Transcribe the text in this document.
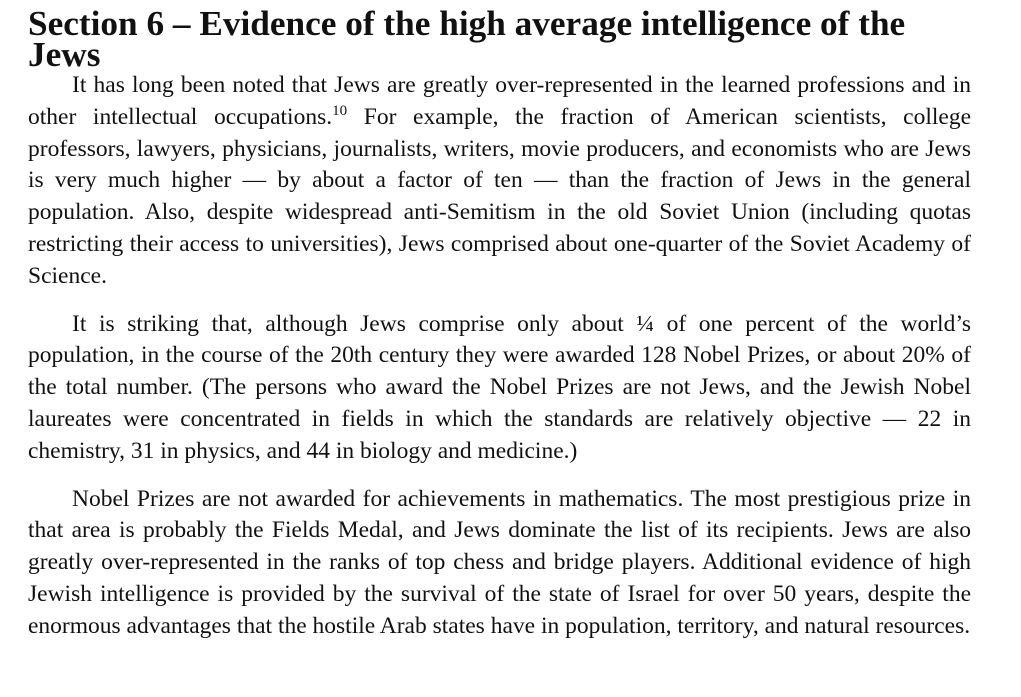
Section 6 – Evidence of the high average intelligence of the Jews

It has long been noted that Jews are greatly over-represented in the learned professions and in other intellectual occupations.$^{10}$ For example, the fraction of American scientists, college professors, lawyers, physicians, journalists, writers, movie producers, and economists who are Jews is very much higher — by about a factor of ten — than the fraction of Jews in the general population. Also, despite widespread anti-Semitism in the old Soviet Union (including quotas restricting their access to universities), Jews comprised about one-quarter of the Soviet Academy of Science.

It is striking that, although Jews comprise only about ¼ of one percent of the world’s population, in the course of the 20th century they were awarded 128 Nobel Prizes, or about 20% of the total number. (The persons who award the Nobel Prizes are not Jews, and the Jewish Nobel laureates were concentrated in fields in which the standards are relatively objective — 22 in chemistry, 31 in physics, and 44 in biology and medicine.)

Nobel Prizes are not awarded for achievements in mathematics. The most prestigious prize in that area is probably the Fields Medal, and Jews dominate the list of its recipients. Jews are also greatly over-represented in the ranks of top chess and bridge players. Additional evidence of high Jewish intelligence is provided by the survival of the state of Israel for over 50 years, despite the enormous advantages that the hostile Arab states have in population, territory, and natural resources.
